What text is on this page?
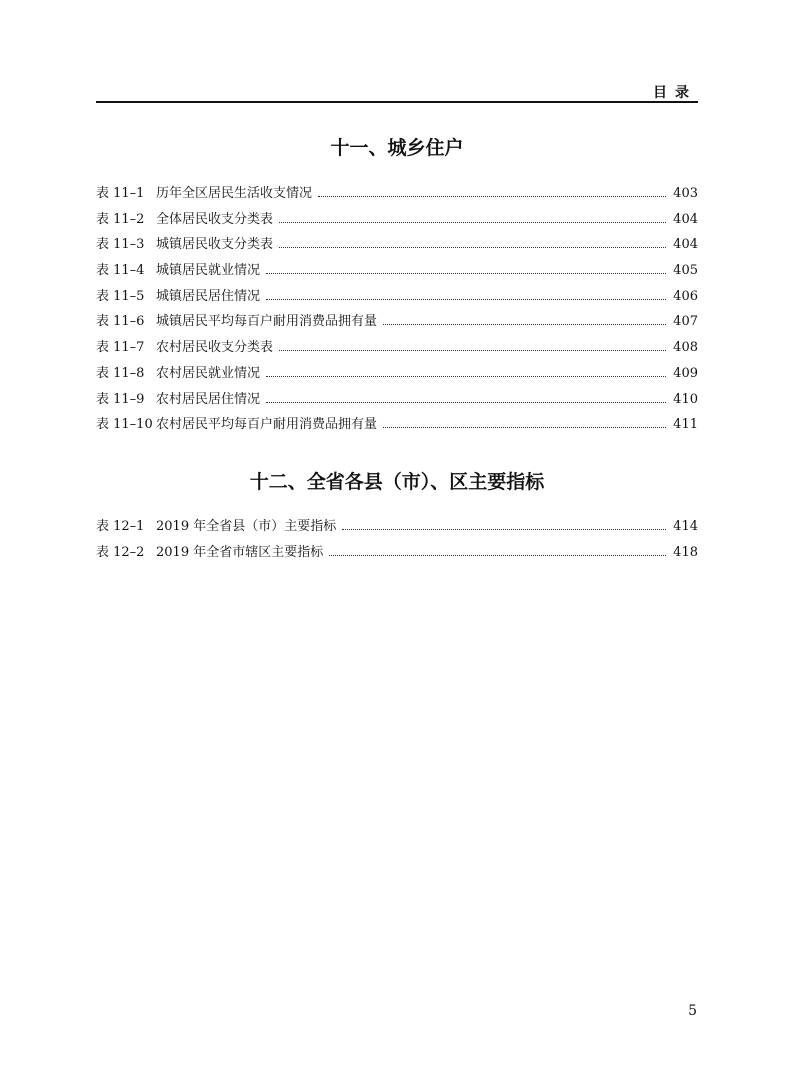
目录
十一、城乡住户
表 11–1 历年全区居民生活收支情况	403
表 11–2 全体居民收支分类表	404
表 11–3 城镇居民收支分类表	404
表 11–4 城镇居民就业情况	405
表 11–5 城镇居民居住情况	406
表 11–6 城镇居民平均每百户耐用消费品拥有量	407
表 11–7 农村居民收支分类表	408
表 11–8 农村居民就业情况	409
表 11–9 农村居民居住情况	410
表 11–10 农村居民平均每百户耐用消费品拥有量	411
十二、全省各县（市）、区主要指标
表 12–1 2019 年全省县（市）主要指标	414
表 12–2 2019 年全省市辖区主要指标	418
5
